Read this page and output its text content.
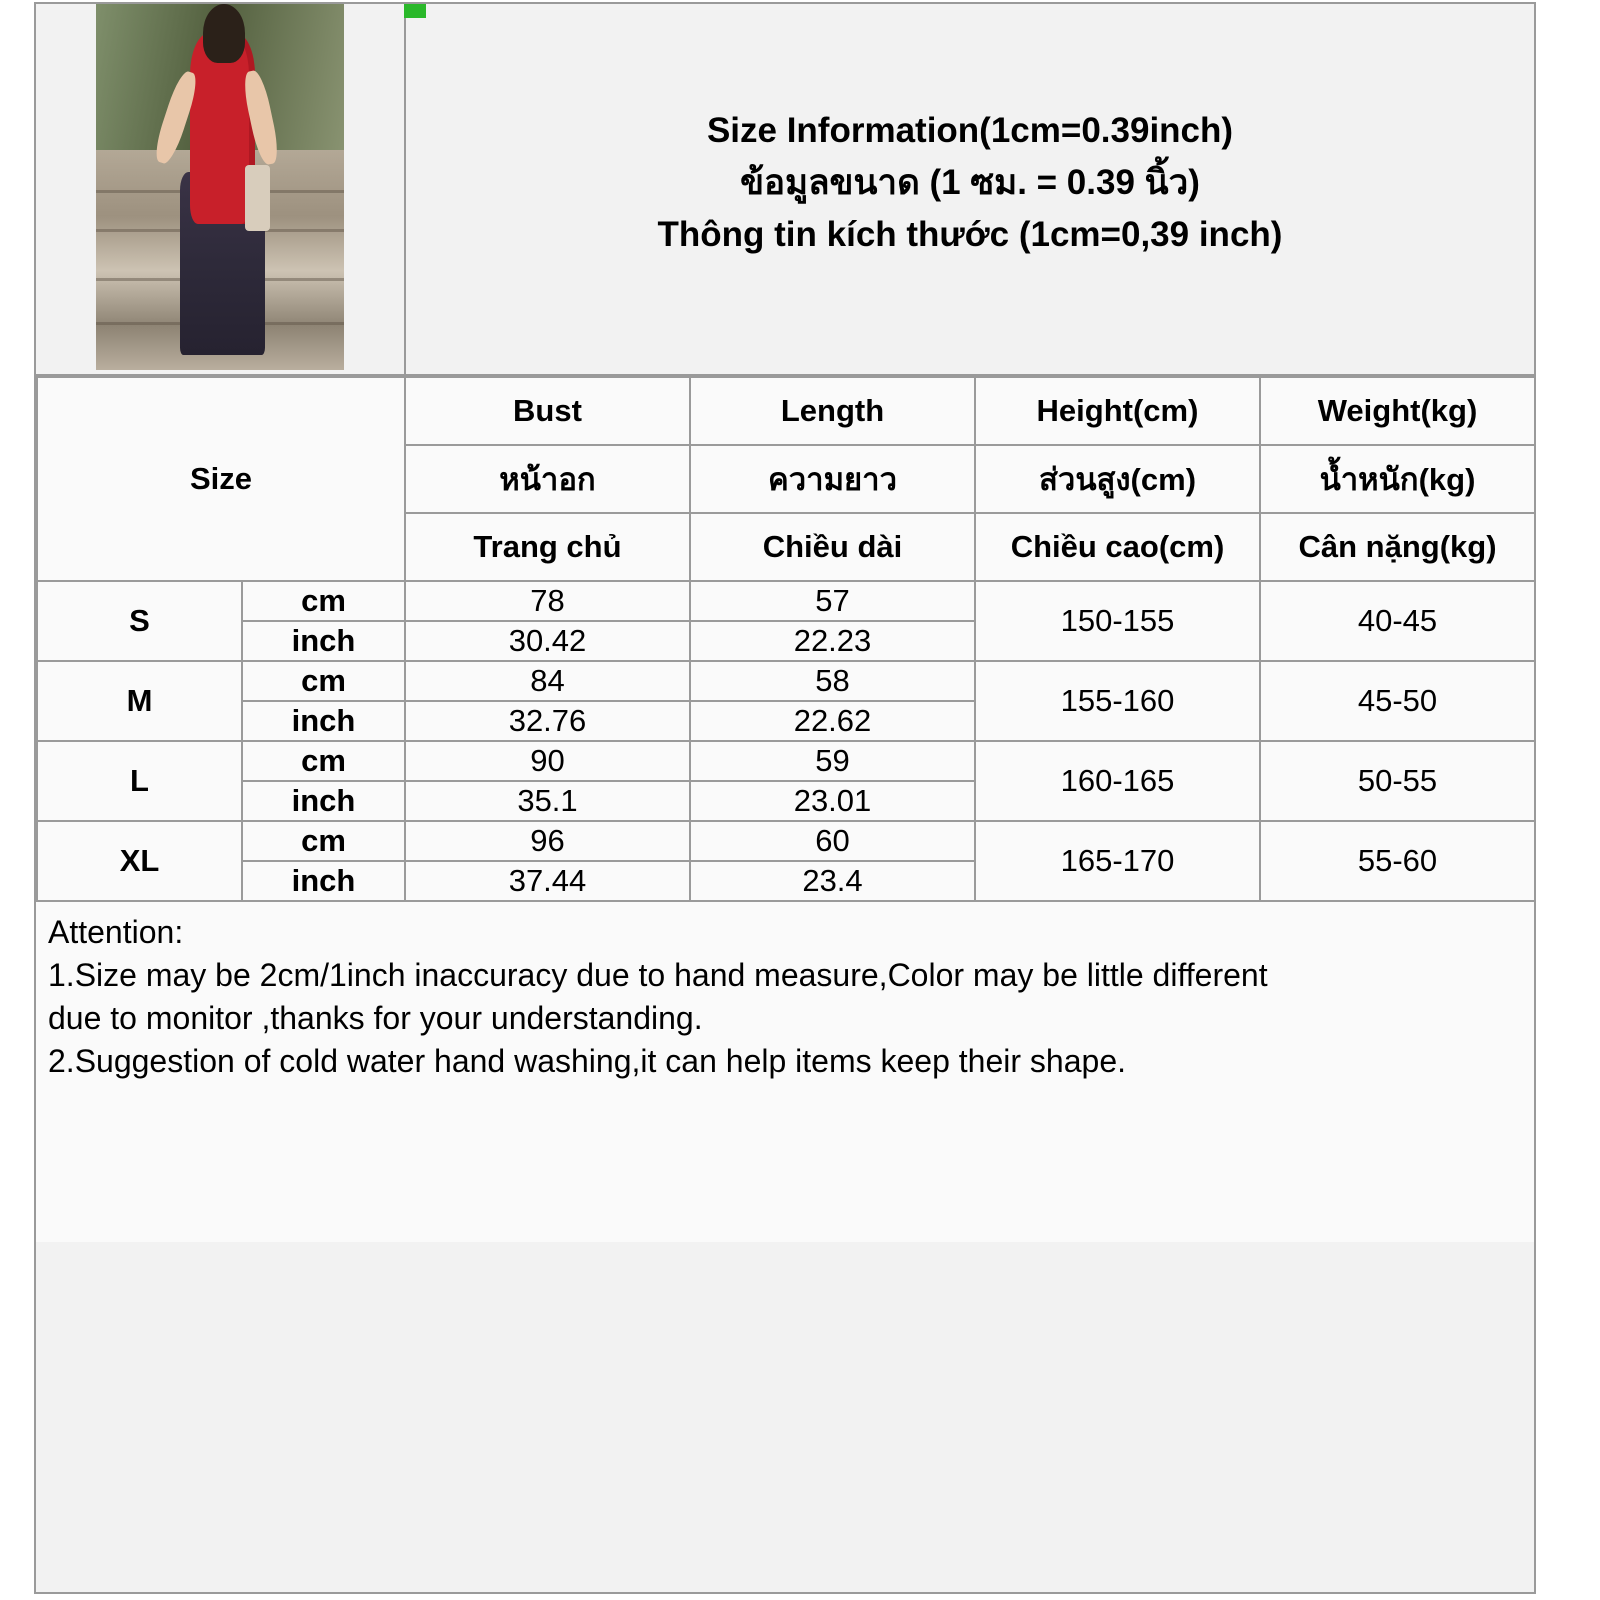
Size Information(1cm=0.39inch)
ข้อมูลขนาด (1 ซม. = 0.39 นิ้ว)
Thông tin kích thước (1cm=0,39 inch)
Size		Bust	Length	Height(cm)	Weight(kg)
		หน้าอก	ความยาว	ส่วนสูง(cm)	น้ำหนัก(kg)
		Trang chủ	Chiều dài	Chiều cao(cm)	Cân nặng(kg)
S	cm	78	57	150-155	40-45
	inch	30.42	22.23		
M	cm	84	58	155-160	45-50
	inch	32.76	22.62		
L	cm	90	59	160-165	50-55
	inch	35.1	23.01		
XL	cm	96	60	165-170	55-60
	inch	37.44	23.4		

Attention:

1.Size may be 2cm/1inch inaccuracy due to hand measure,Color may be little different

due to monitor ,thanks for your understanding.

2.Suggestion of cold water hand washing,it can help items keep their shape.
